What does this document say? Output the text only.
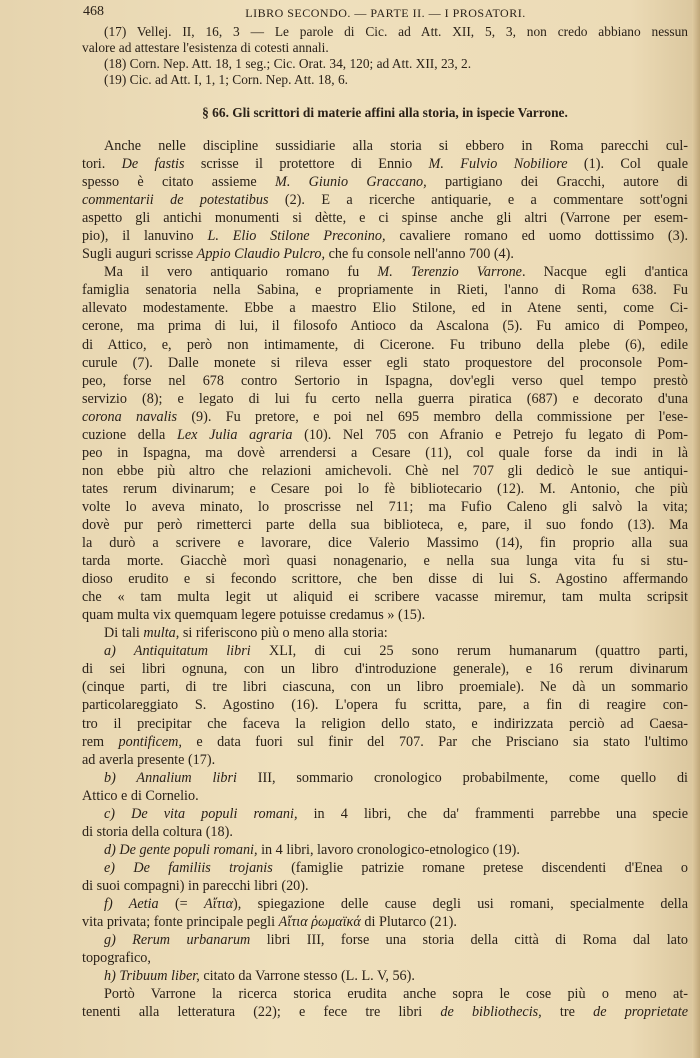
468	LIBRO SECONDO. — PARTE II. — I PROSATORI.
(17) Vellej. II, 16, 3 — Le parole di Cic. ad Att. XII, 5, 3, non credo abbiano nessun
valore ad attestare l'esistenza di cotesti annali.
(18) Corn. Nep. Att. 18, 1 seg.; Cic. Orat. 34, 120; ad Att. XII, 23, 2.
(19) Cic. ad Att. I, 1, 1; Corn. Nep. Att. 18, 6.
§ 66. Gli scrittori di materie affini alla storia, in ispecie Varrone.
Anche nelle discipline sussidiarie alla storia si ebbero in Roma parecchi cul-
tori. De fastis scrisse il protettore di Ennio M. Fulvio Nobiliore (1). Col quale
spesso è citato assieme M. Giunio Graccano, partigiano dei Gracchi, autore di
commentarii de potestatibus (2). E a ricerche antiquarie, e a commentare sott'ogni
aspetto gli antichi monumenti si dètte, e ci spinse anche gli altri (Varrone per esem-
pio), il lanuvino L. Elio Stilone Preconino, cavaliere romano ed uomo dottissimo (3).
Sugli auguri scrisse Appio Claudio Pulcro, che fu console nell'anno 700 (4).
Ma il vero antiquario romano fu M. Terenzio Varrone. Nacque egli d'antica
famiglia senatoria nella Sabina, e propriamente in Rieti, l'anno di Roma 638. Fu
allevato modestamente. Ebbe a maestro Elio Stilone, ed in Atene senti, come Ci-
cerone, ma prima di lui, il filosofo Antioco da Ascalona (5). Fu amico di Pompeo,
di Attico, e, però non intimamente, di Cicerone. Fu tribuno della plebe (6), edile
curule (7). Dalle monete si rileva esser egli stato proquestore del proconsole Pom-
peo, forse nel 678 contro Sertorio in Ispagna, dov'egli verso quel tempo prestò
servizio (8); e legato di lui fu certo nella guerra piratica (687) e decorato d'una
corona navalis (9). Fu pretore, e poi nel 695 membro della commissione per l'ese-
cuzione della Lex Julia agraria (10). Nel 705 con Afranio e Petrejo fu legato di Pom-
peo in Ispagna, ma dovè arrendersi a Cesare (11), col quale forse da indi in là
non ebbe più altro che relazioni amichevoli. Chè nel 707 gli dedicò le sue antiqui-
tates rerum divinarum; e Cesare poi lo fè bibliotecario (12). M. Antonio, che più
volte lo aveva minato, lo proscrisse nel 711; ma Fufio Caleno gli salvò la vita;
dovè pur però rimetterci parte della sua biblioteca, e, pare, il suo fondo (13). Ma
la durò a scrivere e lavorare, dice Valerio Massimo (14), fin proprio alla sua
tarda morte. Giacchè morì quasi nonagenario, e nella sua lunga vita fu si stu-
dioso erudito e si fecondo scrittore, che ben disse di lui S. Agostino affermando
che « tam multa legit ut aliquid ei scribere vacasse miremur, tam multa scripsit
quam multa vix quemquam legere potuisse credamus » (15).
Di tali multa, si riferiscono più o meno alla storia:
a) Antiquitatum libri XLI, di cui 25 sono rerum humanarum (quattro parti,
di sei libri ognuna, con un libro d'introduzione generale), e 16 rerum divinarum
(cinque parti, di tre libri ciascuna, con un libro proemiale). Ne dà un sommario
particolareggiato S. Agostino (16). L'opera fu scritta, pare, a fin di reagire con-
tro il precipitar che faceva la religion dello stato, e indirizzata perciò ad Caesa-
rem pontificem, e data fuori sul finir del 707. Par che Prisciano sia stato l'ultimo
ad averla presente (17).
b) Annalium libri III, sommario cronologico probabilmente, come quello di
Attico e di Cornelio.
c) De vita populi romani, in 4 libri, che da' frammenti parrebbe una specie
di storia della coltura (18).
d) De gente populi romani, in 4 libri, lavoro cronologico-etnologico (19).
e) De familiis trojanis (famiglie patrizie romane pretese discendenti d'Enea o
di suoi compagni) in parecchi libri (20).
f) Aetia (= Αἴτια), spiegazione delle cause degli usi romani, specialmente della
vita privata; fonte principale pegli Αἴτια ῥωμαϊκά di Plutarco (21).
g) Rerum urbanarum libri III, forse una storia della città di Roma dal lato
topografico,
h) Tribuum liber, citato da Varrone stesso (L. L. V, 56).
Portò Varrone la ricerca storica erudita anche sopra le cose più o meno at-
tenenti alla letteratura (22); e fece tre libri de bibliothecis, tre de proprietate
